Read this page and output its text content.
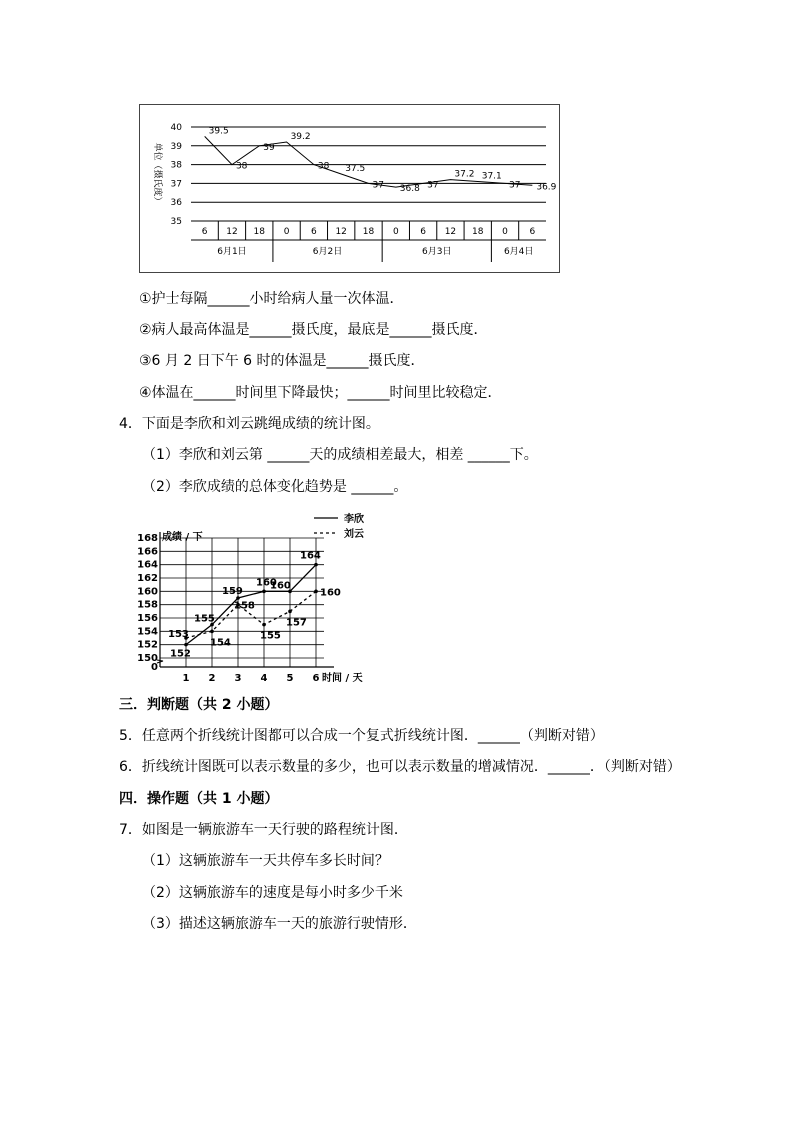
35
36
37
38
39
40
6 12 18 0 6 12 18 0 6 12 18 0 6
6月1日	6月2日	6月3日	6月4日
单位（摄氏度）
39.5
38
39
39.2
38 37.5
37 36.8 37
37.2 37.1
37 36.9
①护士每隔______小时给病人量一次体温．
②病人最高体温是______摄氏度，最底是______摄氏度．
③6 月 2 日下午 6 时的体温是______摄氏度．
④体温在______时间里下降最快；______时间里比较稳定．
4．下面是李欣和刘云跳绳成绩的统计图。
（1）李欣和刘云第 ______天的成绩相差最大，相差 ______下。
（2）李欣成绩的总体变化趋势是 ______。
0
150
152
154
156
158
160
162
164
166
168
1 2 3 4 5 6
成绩 / 下
时间 / 天
李欣
刘云
152
155
159
160
160
164
153
154
158
155
157
160
三．判断题（共 2 小题）
5．任意两个折线统计图都可以合成一个复式折线统计图．______（判断对错）
6．折线统计图既可以表示数量的多少，也可以表示数量的增减情况．______．（判断对错）
四．操作题（共 1 小题）
7．如图是一辆旅游车一天行驶的路程统计图．
（1）这辆旅游车一天共停车多长时间？
（2）这辆旅游车的速度是每小时多少千米
（3）描述这辆旅游车一天的旅游行驶情形．
